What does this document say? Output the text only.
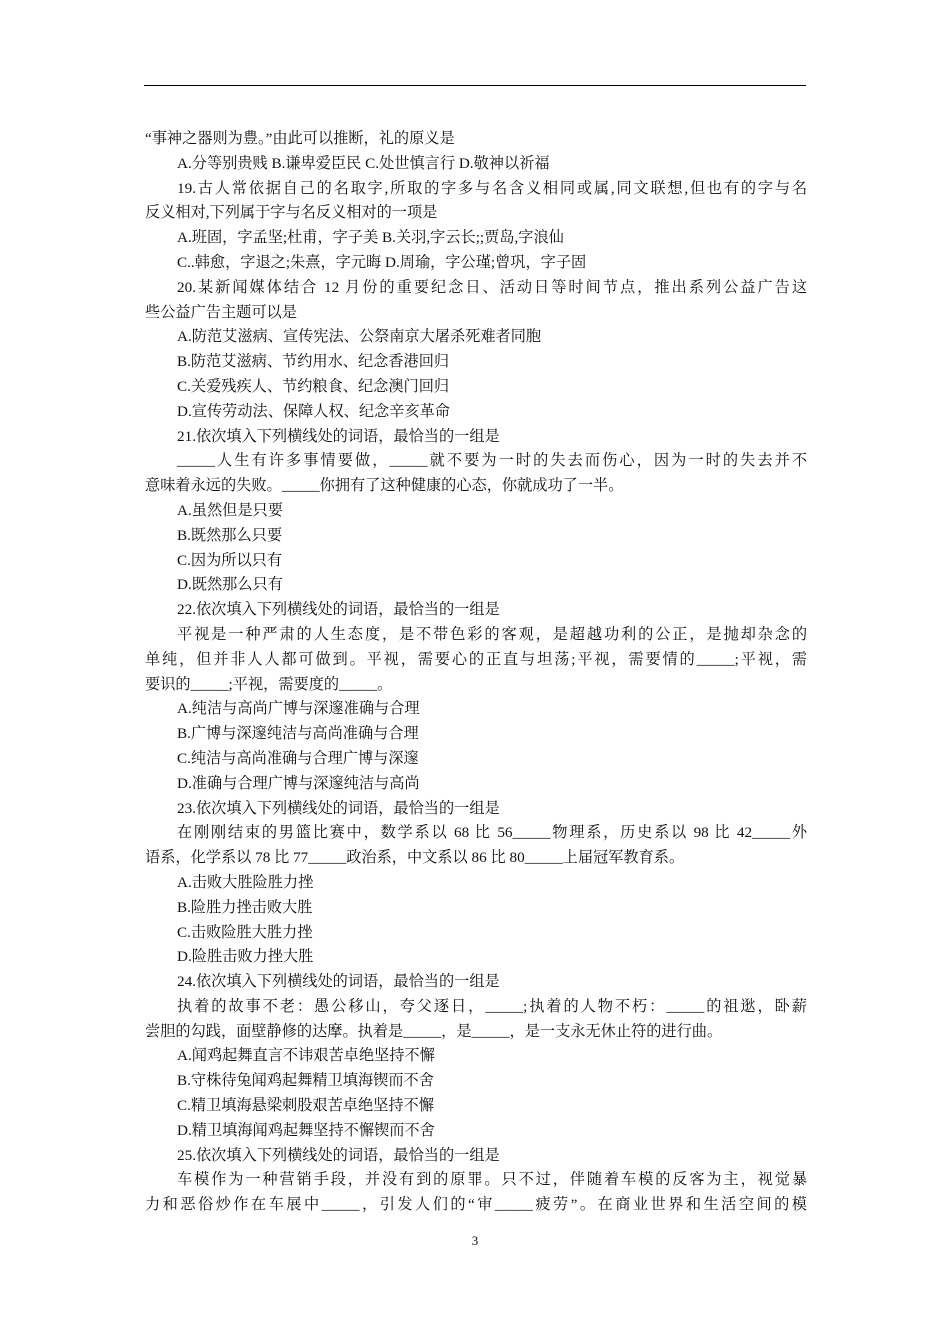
“事神之器则为豊。”由此可以推断，礼的原义是
A.分等别贵贱 B.谦卑爱臣民 C.处世慎言行 D.敬神以祈福
19.古人常依据自己的名取字,所取的字多与名含义相同或属,同文联想,但也有的字与名
反义相对,下列属于字与名反义相对的一项是
A.班固，字孟坚;杜甫，字子美 B.关羽,字云长;;贾岛,字浪仙
C..韩愈，字退之;朱熹，字元晦 D.周瑜，字公瑾;曾巩，字子固
20.某新闻媒体结合 12 月份的重要纪念日、活动日等时间节点，推出系列公益广告这
些公益广告主题可以是
A.防范艾滋病、宣传宪法、公祭南京大屠杀死难者同胞
B.防范艾滋病、节约用水、纪念香港回归
C.关爱残疾人、节约粮食、纪念澳门回归
D.宣传劳动法、保障人权、纪念辛亥革命
21.依次填入下列横线处的词语，最恰当的一组是
_____人生有许多事情要做，_____就不要为一时的失去而伤心，因为一时的失去并不
意味着永远的失败。_____你拥有了这种健康的心态，你就成功了一半。
A.虽然但是只要
B.既然那么只要
C.因为所以只有
D.既然那么只有
22.依次填入下列横线处的词语，最恰当的一组是
平视是一种严肃的人生态度，是不带色彩的客观，是超越功利的公正，是抛却杂念的
单纯，但并非人人都可做到。平视，需要心的正直与坦荡;平视，需要情的_____;平视，需
要识的_____;平视，需要度的_____。
A.纯洁与高尚广博与深邃准确与合理
B.广博与深邃纯洁与高尚准确与合理
C.纯洁与高尚准确与合理广博与深邃
D.准确与合理广博与深邃纯洁与高尚
23.依次填入下列横线处的词语，最恰当的一组是
在刚刚结束的男篮比赛中，数学系以 68 比 56_____物理系，历史系以 98 比 42_____外
语系，化学系以 78 比 77_____政治系，中文系以 86 比 80_____上届冠军教育系。
A.击败大胜险胜力挫
B.险胜力挫击败大胜
C.击败险胜大胜力挫
D.险胜击败力挫大胜
24.依次填入下列横线处的词语，最恰当的一组是
执着的故事不老：愚公移山，夸父逐日，_____;执着的人物不朽：_____的祖逖，卧薪
尝胆的勾践，面壁静修的达摩。执着是_____，是_____，是一支永无休止符的进行曲。
A.闻鸡起舞直言不讳艰苦卓绝坚持不懈
B.守株待兔闻鸡起舞精卫填海锲而不舍
C.精卫填海悬梁刺股艰苦卓绝坚持不懈
D.精卫填海闻鸡起舞坚持不懈锲而不舍
25.依次填入下列横线处的词语，最恰当的一组是
车模作为一种营销手段，并没有到的原罪。只不过，伴随着车模的反客为主，视觉暴
力和恶俗炒作在车展中_____，引发人们的“审_____疲劳”。在商业世界和生活空间的模
3
